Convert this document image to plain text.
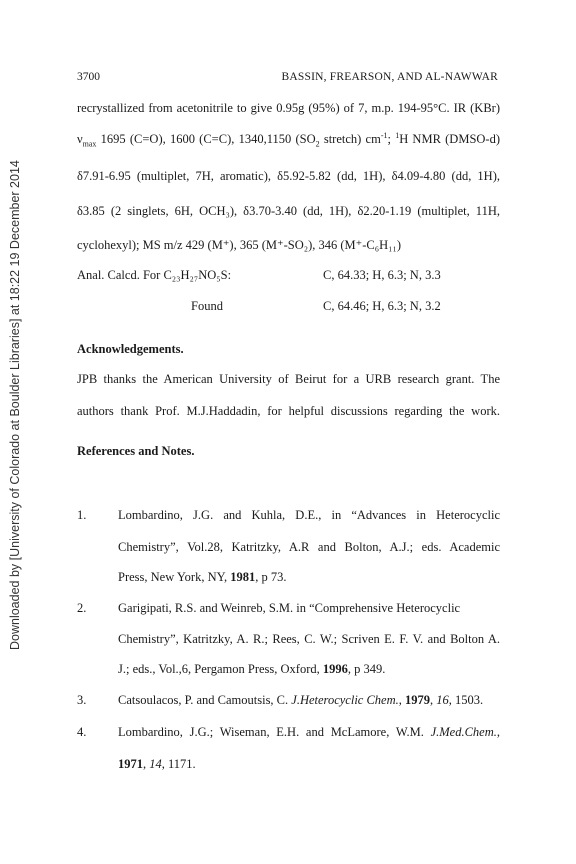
3700	BASSIN, FREARSON, AND AL-NAWWAR
Downloaded by [University of Colorado at Boulder Libraries] at 18:22 19 December 2014
recrystallized from acetonitrile to give 0.95g (95%) of 7, m.p. 194-95°C. IR (KBr)
$\nu_{max}$ 1695 (C=O), 1600 (C=C), 1340,1150 ($SO_2$ stretch) $cm^{-1}$; $^1$H NMR (DMSO-d)
δ7.91-6.95 (multiplet, 7H, aromatic), δ5.92-5.82 (dd, 1H), δ4.09-4.80 (dd, 1H),
δ3.85 (2 singlets, 6H, OCH₃), δ3.70-3.40 (dd, 1H), δ2.20-1.19 (multiplet, 11H,
cyclohexyl); MS m/z 429 (M⁺), 365 (M⁺-SO₂), 346 (M⁺-C₆H₁₁)
Anal. Calcd. For C₂₃H₂₇NO₅S:	C, 64.33; H, 6.3; N, 3.3
Found	C, 64.46; H, 6.3; N, 3.2
Acknowledgements.
JPB thanks the American University of Beirut for a URB research grant. The
authors thank Prof. M.J.Haddadin, for helpful discussions regarding the work.
References and Notes.
1.	Lombardino, J.G. and Kuhla, D.E., in “Advances in Heterocyclic
Chemistry”, Vol.28, Katritzky, A.R and Bolton, A.J.; eds. Academic
Press, New York, NY, 1981, p 73.
2.	Garigipati, R.S. and Weinreb, S.M. in “Comprehensive Heterocyclic
Chemistry”, Katritzky, A. R.; Rees, C. W.; Scriven E. F. V. and Bolton A.
J.; eds., Vol.,6, Pergamon Press, Oxford, 1996, p 349.
3.	Catsoulacos, P. and Camoutsis, C. J.Heterocyclic Chem., 1979, 16, 1503.
4.	Lombardino, J.G.; Wiseman, E.H. and McLamore, W.M. J.Med.Chem.,
1971, 14, 1171.
